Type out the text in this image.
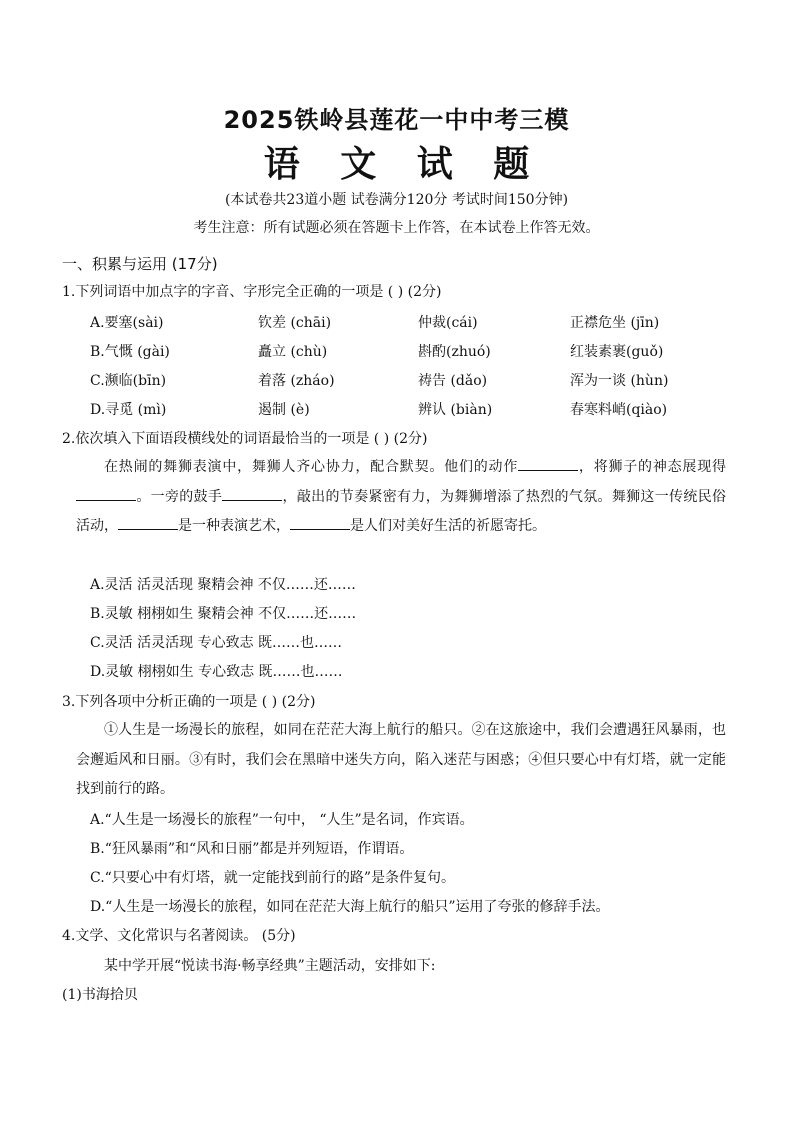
2025铁岭县莲花一中中考三模
语 文 试 题
(本试卷共23道小题 试卷满分120分 考试时间150分钟)
考生注意：所有试题必须在答题卡上作答，在本试卷上作答无效。
一、积累与运用 (17分)
1.下列词语中加点字的字音、字形完全正确的一项是 ( ) (2分)
A.要塞(sài)	钦差 (chāi)	仲裁(cái)	正襟危坐 (jīn)
B.气慨 (gài)	矗立 (chù)	斟酌(zhuó)	红装素裹(guǒ)
C.濒临(bīn)	着落 (zháo)	祷告 (dǎo)	浑为一谈 (hùn)
D.寻觅 (mì)	遏制 (è)	辨认 (biàn)	春寒料峭(qiào)
2.依次填入下面语段横线处的词语最恰当的一项是 ( ) (2分)

在热闹的舞狮表演中，舞狮人齐心协力，配合默契。他们的动作	，将狮子的神态展现得。一旁的鼓手	，敲出的节奏紧密有力，为舞狮增添了热烈的气氛。舞狮这一传统民俗活动，	是一种表演艺术，	是人们对美好生活的祈愿寄托。

A.灵活 活灵活现 聚精会神 不仅……还……
B.灵敏 栩栩如生 聚精会神 不仅……还……
C.灵活 活灵活现 专心致志 既……也……
D.灵敏 栩栩如生 专心致志 既……也……
3.下列各项中分析正确的一项是 ( ) (2分)

①人生是一场漫长的旅程，如同在茫茫大海上航行的船只。②在这旅途中，我们会遭遇狂风暴雨，也会邂逅风和日丽。③有时，我们会在黑暗中迷失方向，陷入迷茫与困惑；④但只要心中有灯塔，就一定能找到前行的路。

A.“人生是一场漫长的旅程”一句中， “人生”是名词，作宾语。
B.“狂风暴雨”和“风和日丽”都是并列短语，作谓语。
C.“只要心中有灯塔，就一定能找到前行的路”是条件复句。
D.“人生是一场漫长的旅程，如同在茫茫大海上航行的船只”运用了夸张的修辞手法。
4.文学、文化常识与名著阅读。 (5分)
某中学开展“悦读书海·畅享经典”主题活动，安排如下:
(1)书海拾贝
